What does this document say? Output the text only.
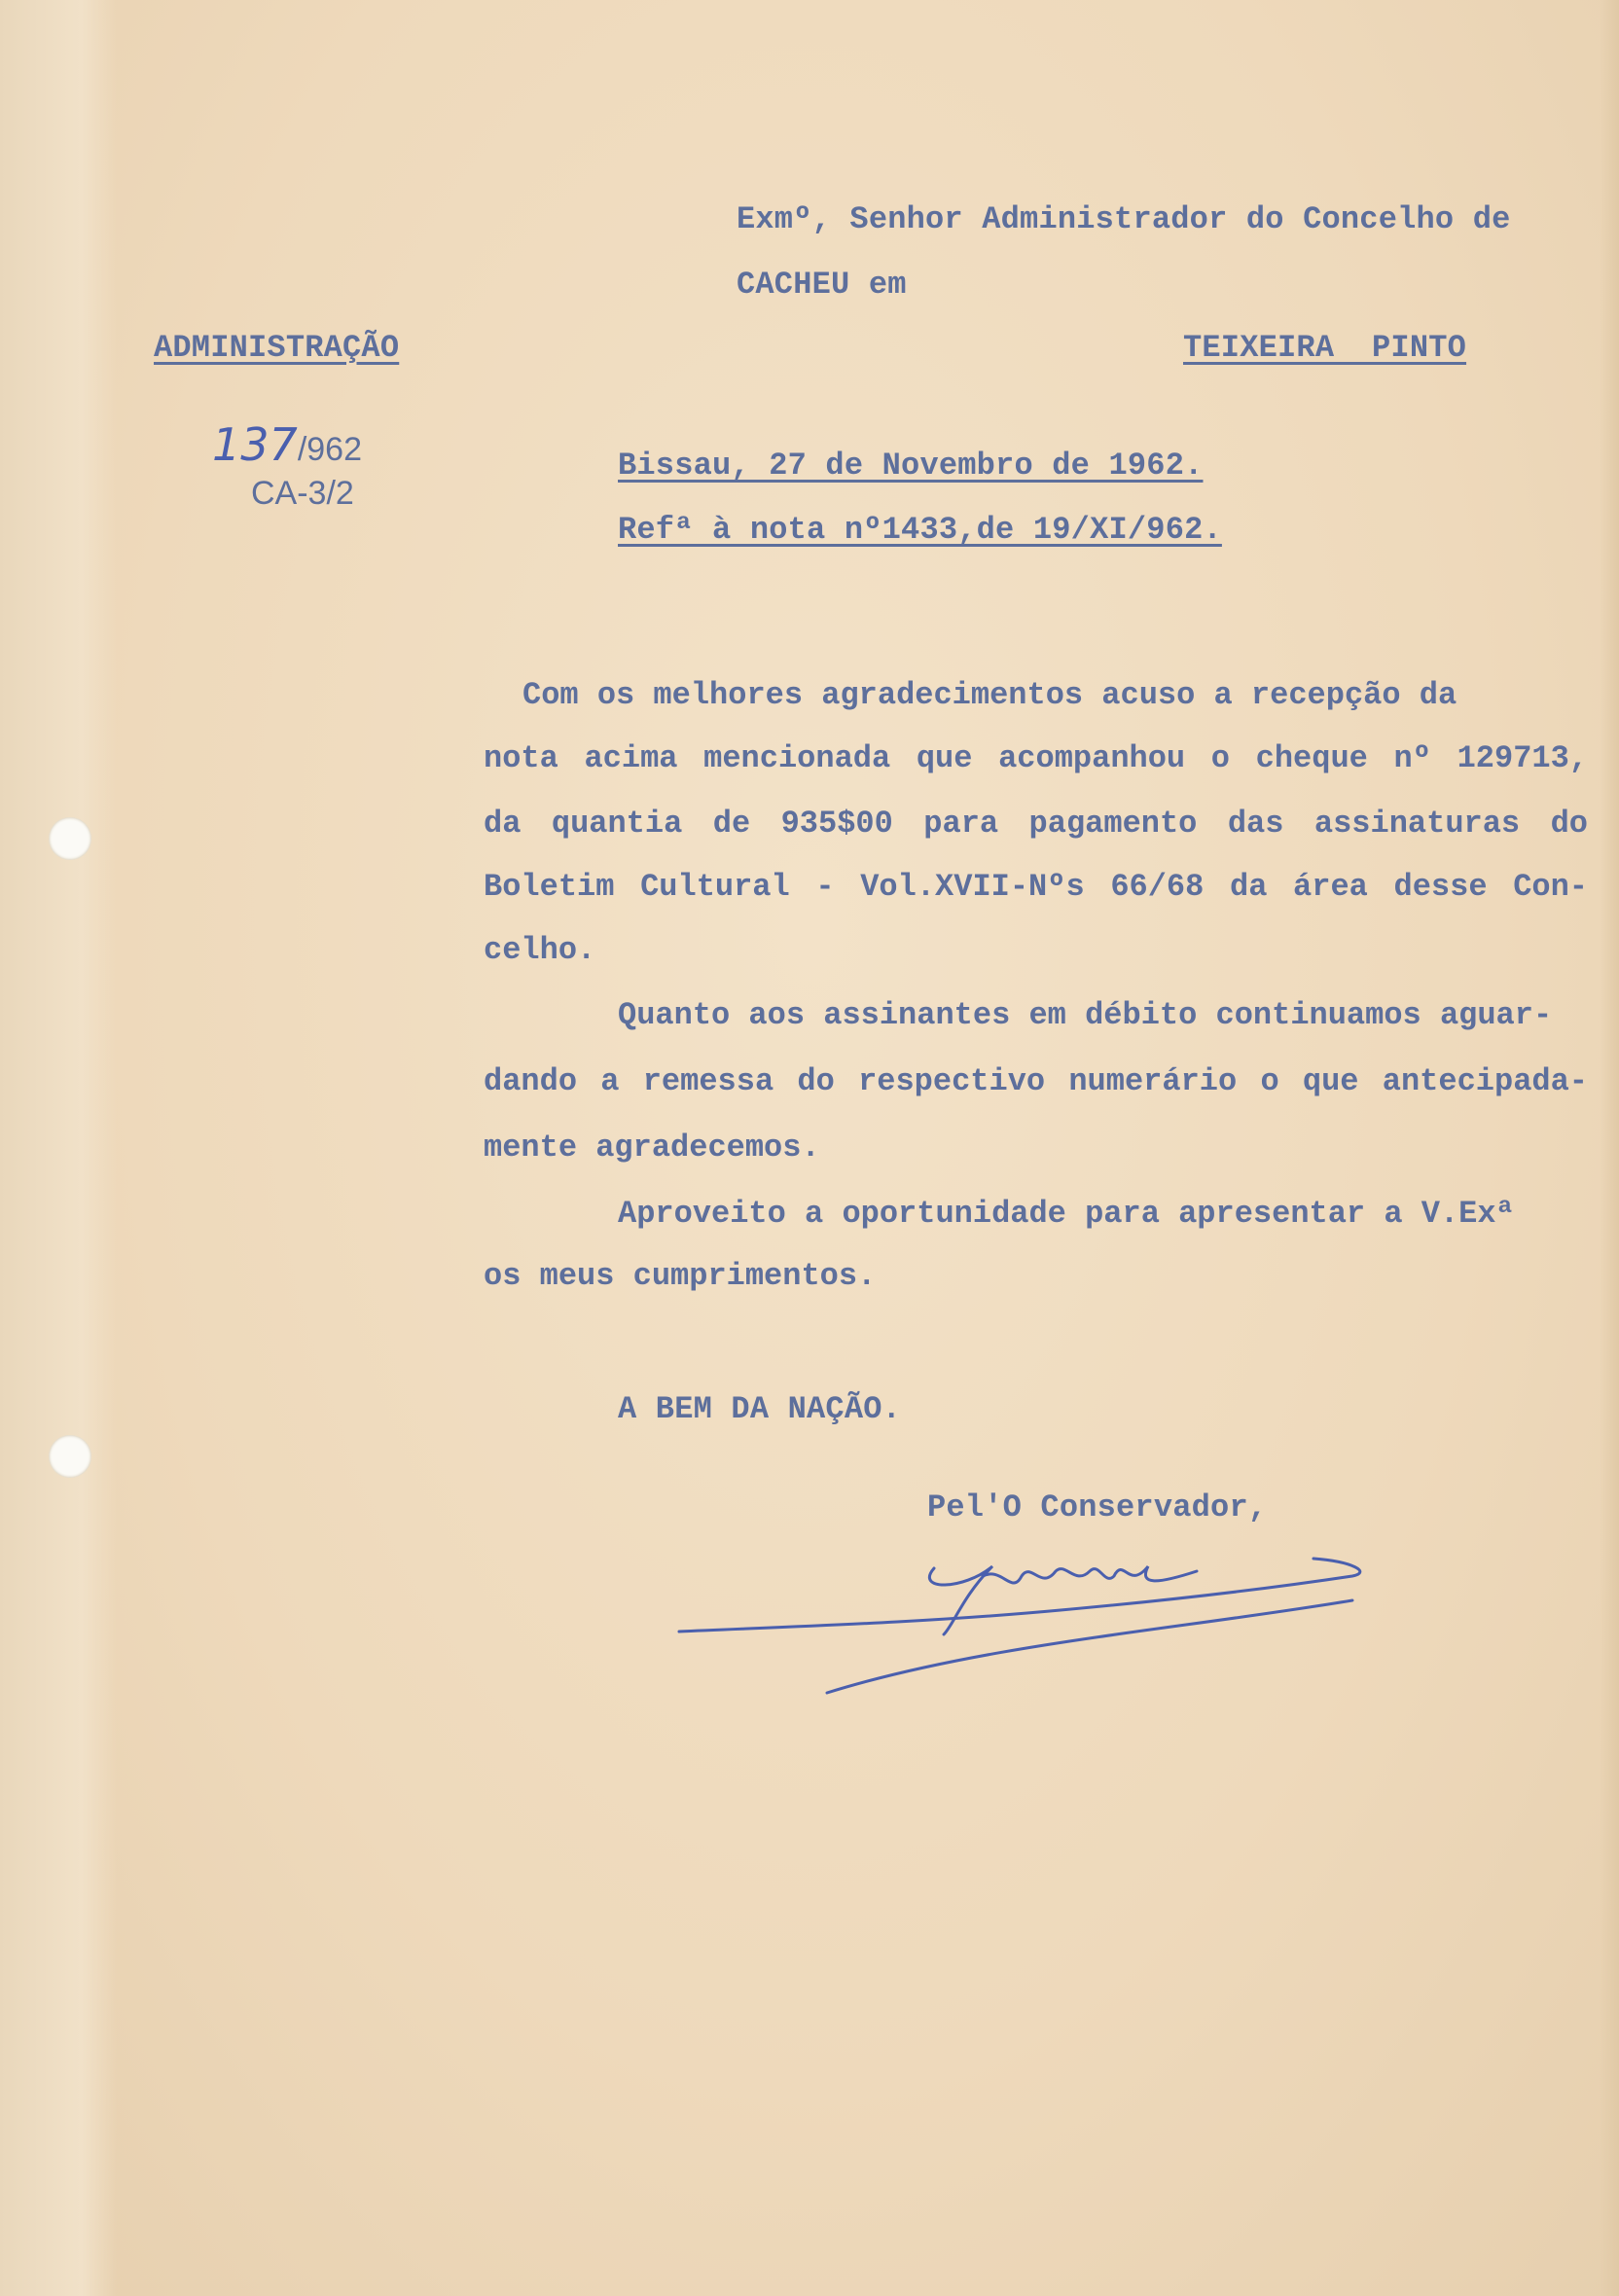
Exmº, Senhor Administrador do Concelho de
CACHEU em
ADMINISTRAÇÃO	TEIXEIRA  PINTO
137/962
CA-3/2
Bissau, 27 de Novembro de 1962.
Refª à nota nº1433,de 19/XI/962.
Com os melhores agradecimentos acuso a recepção da
nota acima mencionada que acompanhou o cheque nº 129713,
da quantia de 935$00 para pagamento das assinaturas do
Boletim Cultural - Vol.XVII-Nºs 66/68 da área desse Con-
celho.
Quanto aos assinantes em débito continuamos aguar-
dando a remessa do respectivo numerário o que antecipada-
mente agradecemos.
Aproveito a oportunidade para apresentar a V.Exª
os meus cumprimentos.
A BEM DA NAÇÃO.
Pel'O Conservador,
